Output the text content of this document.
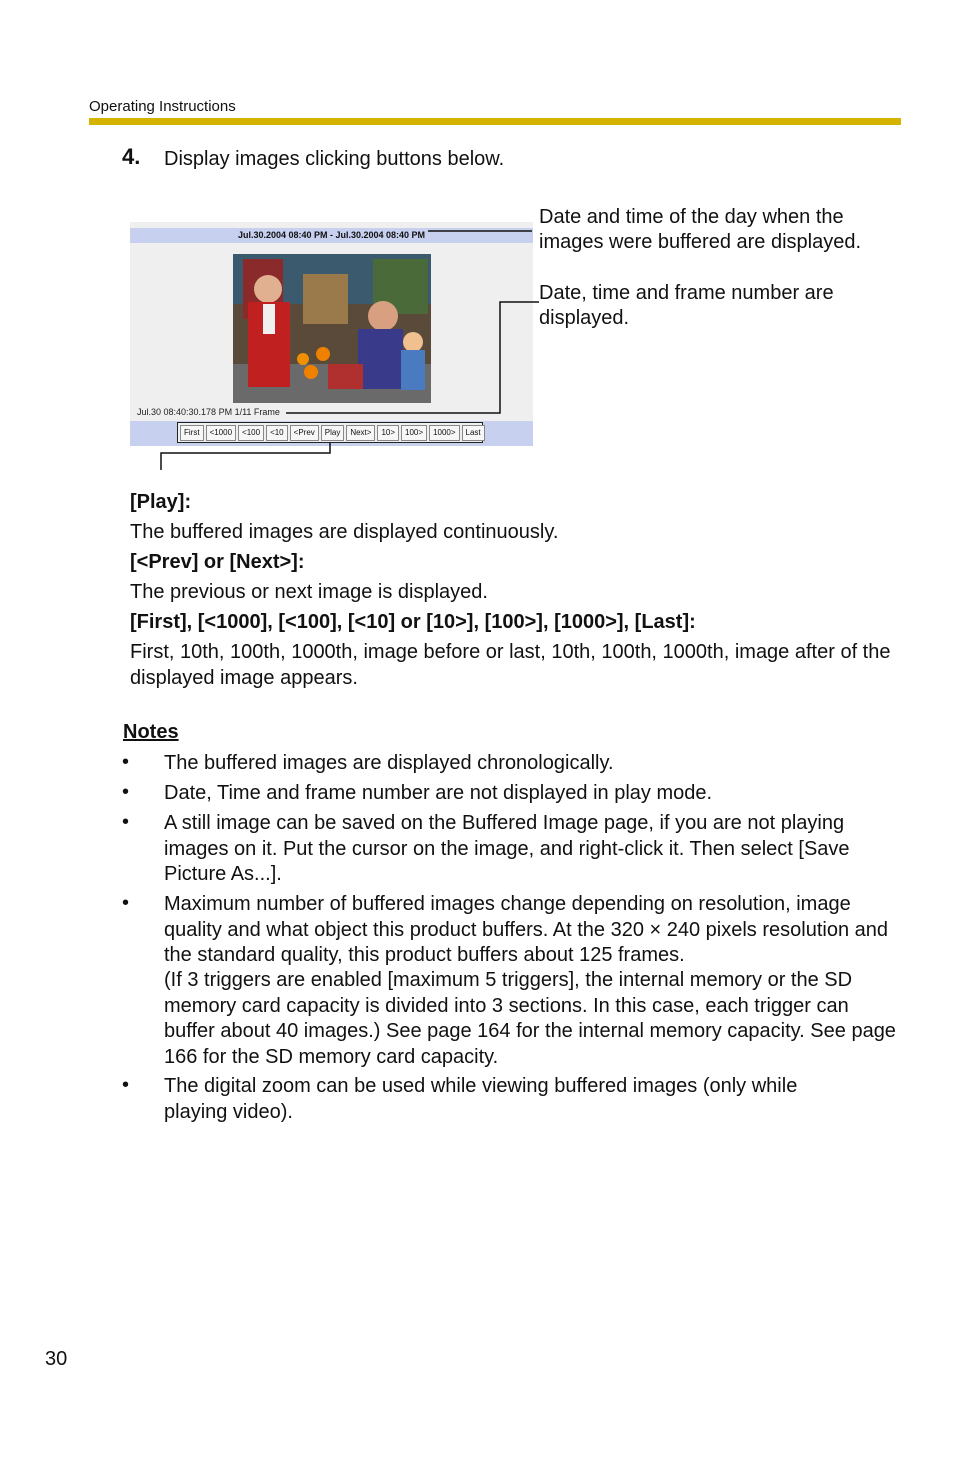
Operating Instructions
4. Display images clicking buttons below.
Jul.30.2004 08:40 PM - Jul.30.2004 08:40 PM
Jul.30 08:40:30.178 PM 1/11 Frame
First	<1000	<100	<10	<Prev	Play	Next>	10>	100>	1000>	Last
Date and time of the day when the images were buffered are displayed.
Date, time and frame number are displayed.
[Play]:
The buffered images are displayed continuously.
[<Prev] or [Next>]:
The previous or next image is displayed.
[First], [<1000], [<100], [<10] or [10>], [100>], [1000>], [Last]:
First, 10th, 100th, 1000th, image before or last, 10th, 100th, 1000th, image after of the displayed image appears.
Notes
• The buffered images are displayed chronologically.
• Date, Time and frame number are not displayed in play mode.
• A still image can be saved on the Buffered Image page, if you are not playing images on it. Put the cursor on the image, and right-click it. Then select [Save Picture As...].
• Maximum number of buffered images change depending on resolution, image quality and what object this product buffers. At the 320 × 240 pixels resolution and the standard quality, this product buffers about 125 frames.
(If 3 triggers are enabled [maximum 5 triggers], the internal memory or the SD memory card capacity is divided into 3 sections. In this case, each trigger can buffer about 40 images.) See page 164 for the internal memory capacity. See page 166 for the SD memory card capacity.
• The digital zoom can be used while viewing buffered images (only while playing video).
30
